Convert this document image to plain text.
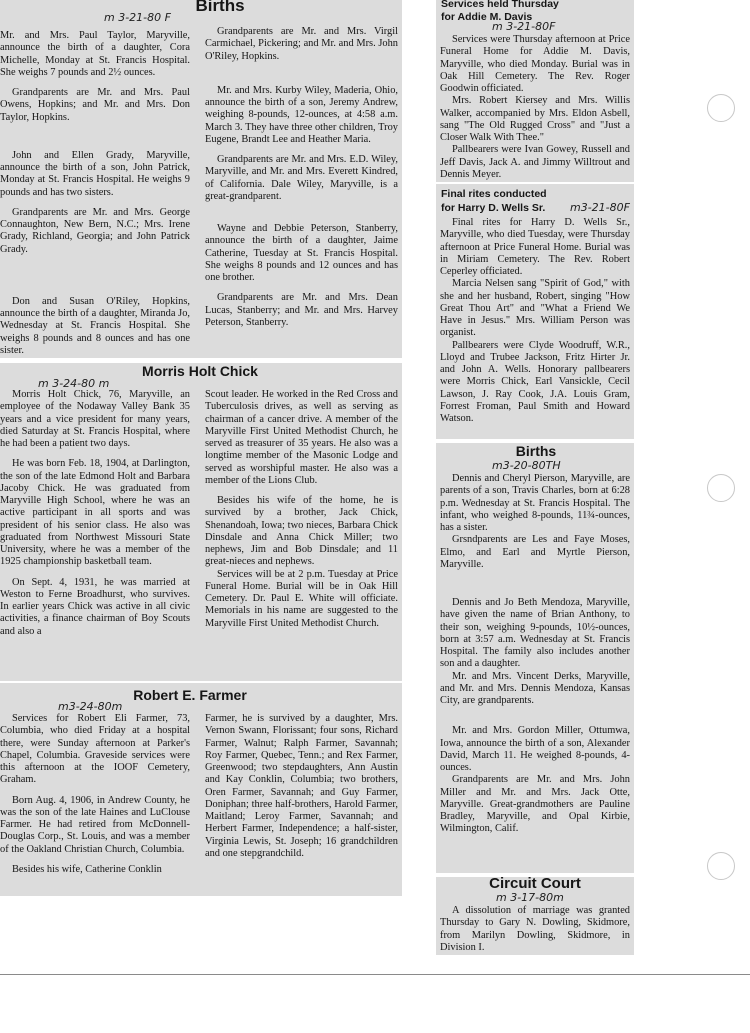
Births
m 3-21-80 F

Mr. and Mrs. Paul Taylor, Maryville, announce the birth of a daughter, Cora Michelle, Monday at St. Francis Hospital. She weighs 7 pounds and 2½ ounces.

Grandparents are Mr. and Mrs. Paul Owens, Hopkins; and Mr. and Mrs. Don Taylor, Hopkins.

John and Ellen Grady, Maryville, announce the birth of a son, John Patrick, Monday at St. Francis Hospital. He weighs 9 pounds and has two sisters.

Grandparents are Mr. and Mrs. George Connaughton, New Bern, N.C.; Mrs. Irene Grady, Richland, Georgia; and John Patrick Grady.

Don and Susan O'Riley, Hopkins, announce the birth of a daughter, Miranda Jo, Wednesday at St. Francis Hospital. She weighs 8 pounds and 8 ounces and has one sister.

Grandparents are Mr. and Mrs. Virgil Carmichael, Pickering; and Mr. and Mrs. John O'Riley, Hopkins.

Mr. and Mrs. Kurby Wiley, Maderia, Ohio, announce the birth of a son, Jeremy Andrew, weighing 8-pounds, 12-ounces, at 4:58 a.m. March 3. They have three other children, Troy Eugene, Brandt Lee and Heather Maria.

Grandparents are Mr. and Mrs. E.D. Wiley, Maryville, and Mr. and Mrs. Everett Kindred, of California. Dale Wiley, Maryville, is a great-grandparent.

Wayne and Debbie Peterson, Stanberry, announce the birth of a daughter, Jaime Catherine, Tuesday at St. Francis Hospital. She weighs 8 pounds and 12 ounces and has one brother.

Grandparents are Mr. and Mrs. Dean Lucas, Stanberry; and Mr. and Mrs. Harvey Peterson, Stanberry.

Morris Holt Chick
m 3-24-80 m

Morris Holt Chick, 76, Maryville, an employee of the Nodaway Valley Bank 35 years and a vice president for many years, died Saturday at St. Francis Hospital, where he had been a patient two days.

He was born Feb. 18, 1904, at Darlington, the son of the late Edmond Holt and Barbara Jacoby Chick. He was graduated from Maryville High School, where he was an active participant in all sports and was president of his senior class. He also was graduated from Northwest Missouri State University, where he was a member of the 1925 championship basketball team.

On Sept. 4, 1931, he was married at Weston to Ferne Broadhurst, who survives. In earlier years Chick was active in all civic activities, a finance chairman of Boy Scouts and also a

Scout leader. He worked in the Red Cross and Tuberculosis drives, as well as serving as chairman of a cancer drive. A member of the Maryville First United Methodist Church, he served as treasurer of 35 years. He also was a longtime member of the Masonic Lodge and served as worshipful master. He also was a member of the Lions Club.

Besides his wife of the home, he is survived by a brother, Jack Chick, Shenandoah, Iowa; two nieces, Barbara Chick Dinsdale and Anna Chick Miller; two nephews, Jim and Bob Dinsdale; and 11 great-nieces and nephews.

Services will be at 2 p.m. Tuesday at Price Funeral Home. Burial will be in Oak Hill Cemetery. Dr. Paul E. White will officiate. Memorials in his name are suggested to the Maryville First United Methodist Church.

Robert E. Farmer
m3-24-80m

Services for Robert Eli Farmer, 73, Columbia, who died Friday at a hospital there, were Sunday afternoon at Parker's Chapel, Columbia. Graveside services were this afternoon at the IOOF Cemetery, Graham.

Born Aug. 4, 1906, in Andrew County, he was the son of the late Haines and LuClouse Farmer. He had retired from McDonnell-Douglas Corp., St. Louis, and was a member of the Oakland Christian Church, Columbia.

Besides his wife, Catherine Conklin

Farmer, he is survived by a daughter, Mrs. Vernon Swann, Florissant; four sons, Richard Farmer, Walnut; Ralph Farmer, Savannah; Roy Farmer, Quebec, Tenn.; and Rex Farmer, Greenwood; two stepdaughters, Ann Austin and Kay Conklin, Columbia; two brothers, Oren Farmer, Savannah; and Guy Farmer, Doniphan; three half-brothers, Harold Farmer, Maitland; Leroy Farmer, Savannah; and Herbert Farmer, Independence; a half-sister, Virginia Lewis, St. Joseph; 16 grandchildren and one stepgrandchild.

Services held Thursday
for Addie M. Davis
m 3-21-80F

Services were Thursday afternoon at Price Funeral Home for Addie M. Davis, Maryville, who died Monday. Burial was in Oak Hill Cemetery. The Rev. Roger Goodwin officiated.

Mrs. Robert Kiersey and Mrs. Willis Walker, accompanied by Mrs. Eldon Asbell, sang "The Old Rugged Cross" and "Just a Closer Walk With Thee."

Pallbearers were Ivan Gowey, Russell and Jeff Davis, Jack A. and Jimmy Willtrout and Dennis Meyer.

Final rites conducted
for Harry D. Wells Sr. m3-21-80F

Final rites for Harry D. Wells Sr., Maryville, who died Tuesday, were Thursday afternoon at Price Funeral Home. Burial was in Miriam Cemetery. The Rev. Robert Ceperley officiated.

Marcia Nelsen sang "Spirit of God," with she and her husband, Robert, singing "How Great Thou Art" and "What a Friend We Have in Jesus." Mrs. William Person was organist.

Pallbearers were Clyde Woodruff, W.R., Lloyd and Trubee Jackson, Fritz Hirter Jr. and John A. Wells. Honorary pallbearers were Morris Chick, Earl Vansickle, Cecil Lawson, J. Ray Cook, J.A. Louis Gram, Forrest Froman, Paul Smith and Howard Watson.

Births
m3-20-80TH

Dennis and Cheryl Pierson, Maryville, are parents of a son, Travis Charles, born at 6:28 p.m. Wednesday at St. Francis Hospital. The infant, who weighed 8-pounds, 11¾-ounces, has a sister.

Grsndparents are Les and Faye Moses, Elmo, and Earl and Myrtle Pierson, Maryville.

Dennis and Jo Beth Mendoza, Maryville, have given the name of Brian Anthony, to their son, weighing 9-pounds, 10½-ounces, born at 3:57 a.m. Wednesday at St. Francis Hospital. The family also includes another son and a daughter.

Mr. and Mrs. Vincent Derks, Maryville, and Mr. and Mrs. Dennis Mendoza, Kansas City, are grandparents.

Mr. and Mrs. Gordon Miller, Ottumwa, Iowa, announce the birth of a son, Alexander David, March 11. He weighed 8-pounds, 4-ounces.

Grandparents are Mr. and Mrs. John Miller and Mr. and Mrs. Jack Otte, Maryville. Great-grandmothers are Pauline Bradley, Maryville, and Opal Kirbie, Wilmington, Calif.

Circuit Court
m 3-17-80m

A dissolution of marriage was granted Thursday to Gary N. Dowling, Skidmore, from Marilyn Dowling, Skidmore, in Division I.
